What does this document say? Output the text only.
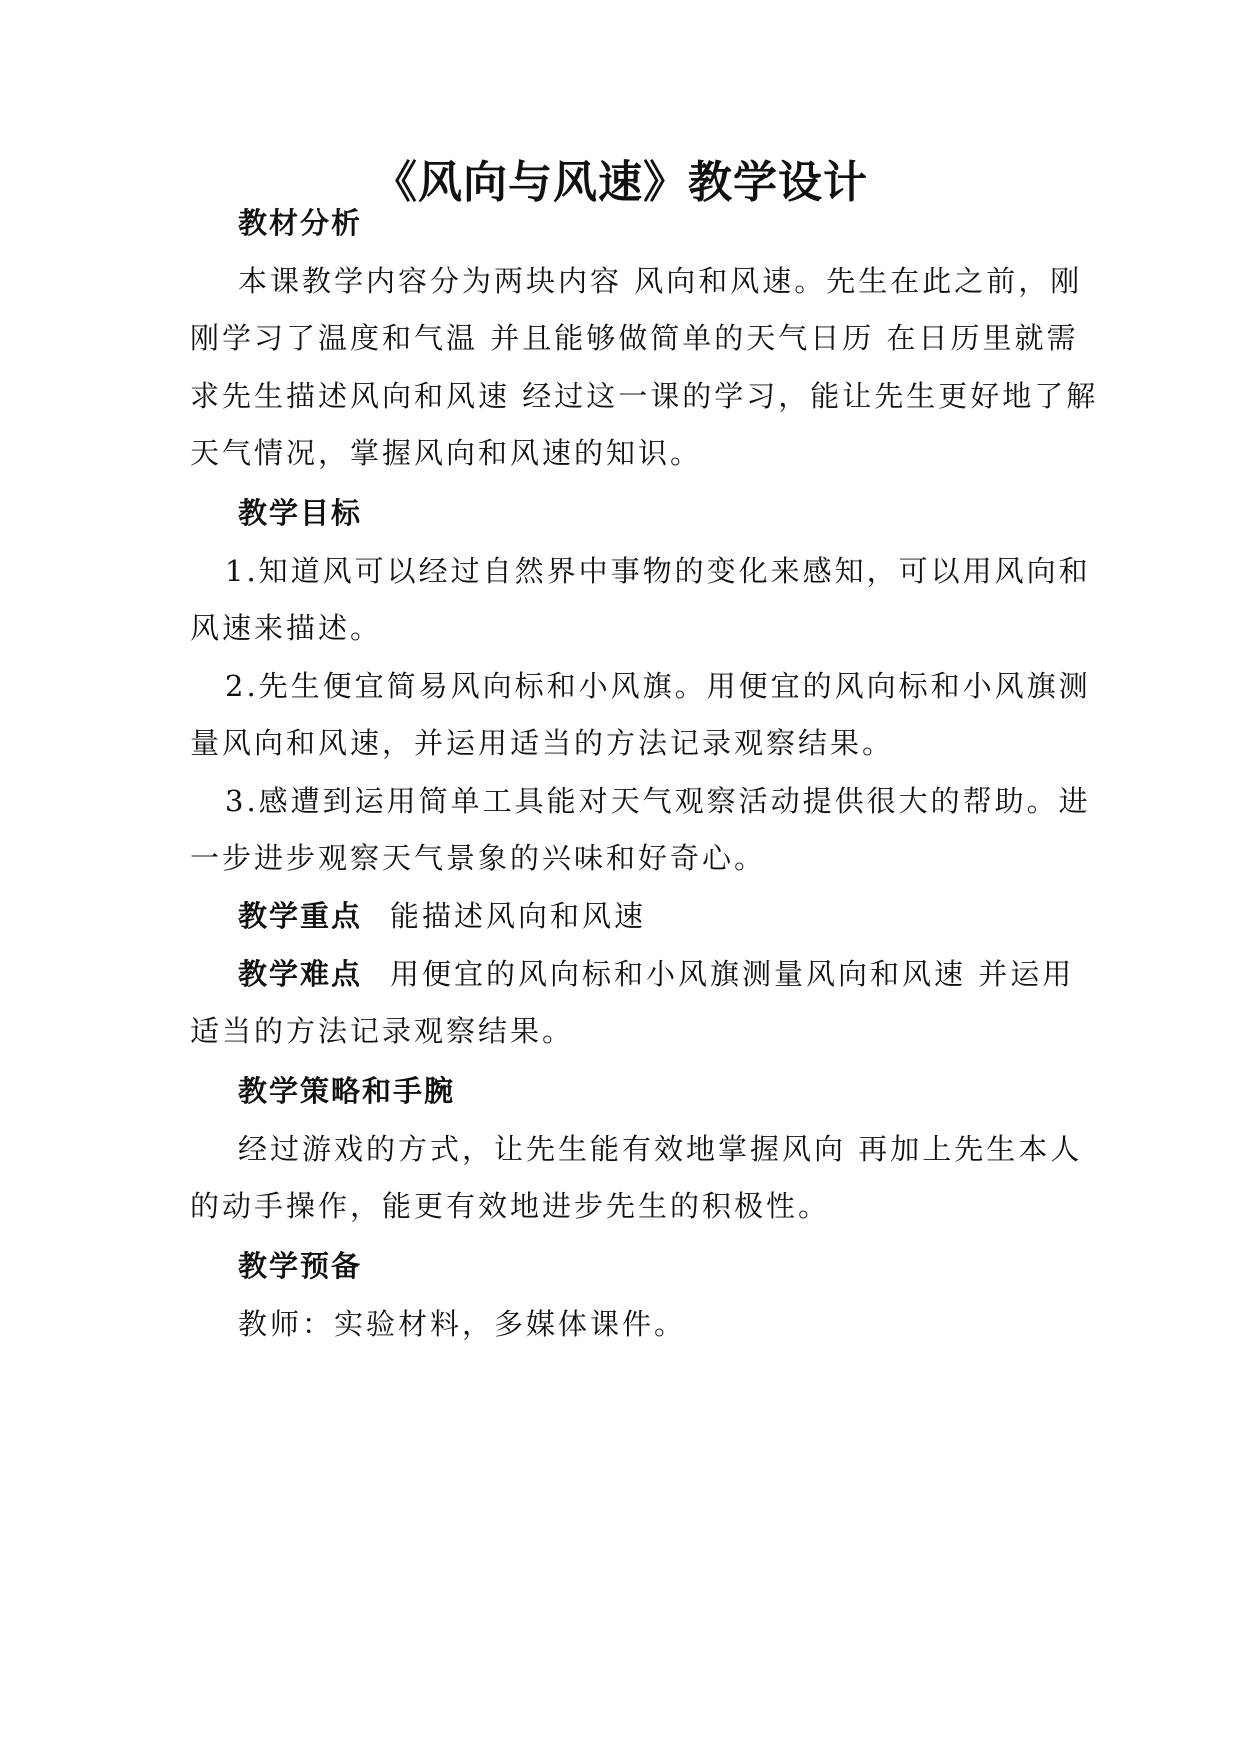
《风向与风速》教学设计
教材分析
本课教学内容分为两块内容 风向和风速。先生在此之前，刚
刚学习了温度和气温 并且能够做简单的天气日历 在日历里就需
求先生描述风向和风速 经过这一课的学习，能让先生更好地了解
天气情况，掌握风向和风速的知识。
教学目标
1.知道风可以经过自然界中事物的变化来感知，可以用风向和
风速来描述。
2.先生便宜简易风向标和小风旗。用便宜的风向标和小风旗测
量风向和风速，并运用适当的方法记录观察结果。
3.感遭到运用简单工具能对天气观察活动提供很大的帮助。进
一步进步观察天气景象的兴味和好奇心。
教学重点 能描述风向和风速
教学难点 用便宜的风向标和小风旗测量风向和风速 并运用
适当的方法记录观察结果。
教学策略和手腕
经过游戏的方式，让先生能有效地掌握风向 再加上先生本人
的动手操作，能更有效地进步先生的积极性。
教学预备
教师：实验材料，多媒体课件。
